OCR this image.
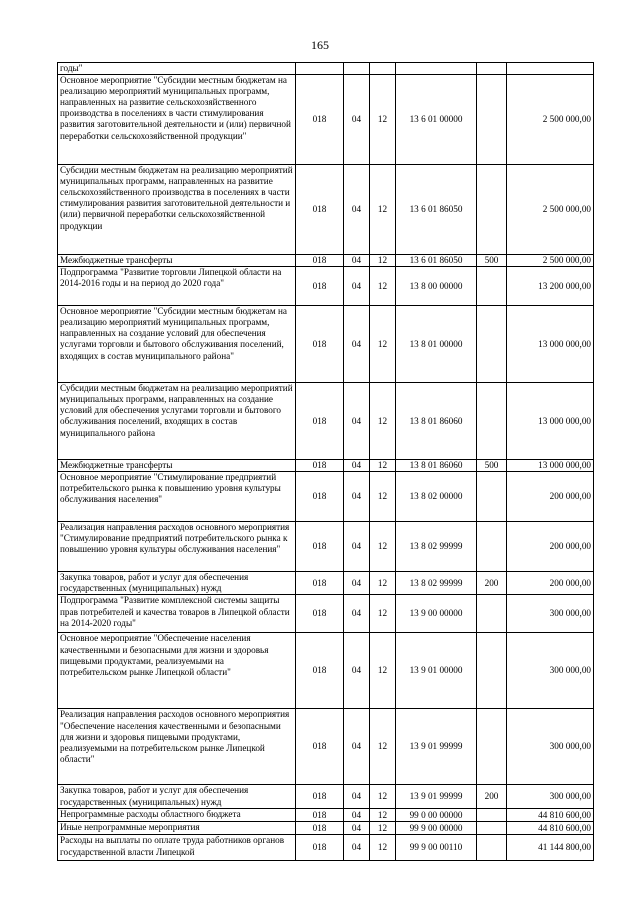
165
годы"						
Основное мероприятие "Субсидии местным бюджетам на реализацию мероприятий муниципальных программ, направленных на развитие сельскохозяйственного производства в поселениях в части стимулирования развития заготовительной деятельности и (или) первичной переработки сельскохозяйственной продукции"	018	04	12	13 6 01 00000		2 500 000,00
Субсидии местным бюджетам на реализацию мероприятий муниципальных программ, направленных на развитие сельскохозяйственного производства в поселениях в части стимулирования развития заготовительной деятельности и (или) первичной переработки сельскохозяйственной продукции	018	04	12	13 6 01 86050		2 500 000,00
Межбюджетные трансферты	018	04	12	13 6 01 86050	500	2 500 000,00
Подпрограмма "Развитие торговли Липецкой области на 2014-2016 годы и на период до 2020 года"	018	04	12	13 8 00 00000		13 200 000,00
Основное мероприятие "Субсидии местным бюджетам на реализацию мероприятий муниципальных программ, направленных на создание условий для обеспечения услугами торговли и бытового обслуживания поселений, входящих в состав муниципального района"	018	04	12	13 8 01 00000		13 000 000,00
Субсидии местным бюджетам на реализацию мероприятий муниципальных программ, направленных на создание условий для обеспечения услугами торговли и бытового обслуживания поселений, входящих в состав муниципального района	018	04	12	13 8 01 86060		13 000 000,00
Межбюджетные трансферты	018	04	12	13 8 01 86060	500	13 000 000,00
Основное мероприятие "Стимулирование предприятий потребительского рынка к повышению уровня культуры обслуживания населения"	018	04	12	13 8 02 00000		200 000,00
Реализация направления расходов основного мероприятия "Стимулирование предприятий потребительского рынка к повышению уровня культуры обслуживания населения"	018	04	12	13 8 02 99999		200 000,00
Закупка товаров, работ и услуг для обеспечения государственных (муниципальных) нужд	018	04	12	13 8 02 99999	200	200 000,00
Подпрограмма "Развитие комплексной системы защиты прав потребителей и качества товаров в Липецкой области на 2014-2020 годы"	018	04	12	13 9 00 00000		300 000,00
Основное мероприятие "Обеспечение населения качественными и безопасными для жизни и здоровья пищевыми продуктами, реализуемыми на потребительском рынке Липецкой области"	018	04	12	13 9 01 00000		300 000,00
Реализация направления расходов основного мероприятия "Обеспечение населения качественными и безопасными для жизни и здоровья пищевыми продуктами, реализуемыми на потребительском рынке Липецкой области"	018	04	12	13 9 01 99999		300 000,00
Закупка товаров, работ и услуг для обеспечения государственных (муниципальных) нужд	018	04	12	13 9 01 99999	200	300 000,00
Непрограммные расходы областного бюджета	018	04	12	99 0 00 00000		44 810 600,00
Иные непрограммные мероприятия	018	04	12	99 9 00 00000		44 810 600,00
Расходы на выплаты по оплате труда работников органов государственной власти Липецкой	018	04	12	99 9 00 00110		41 144 800,00
